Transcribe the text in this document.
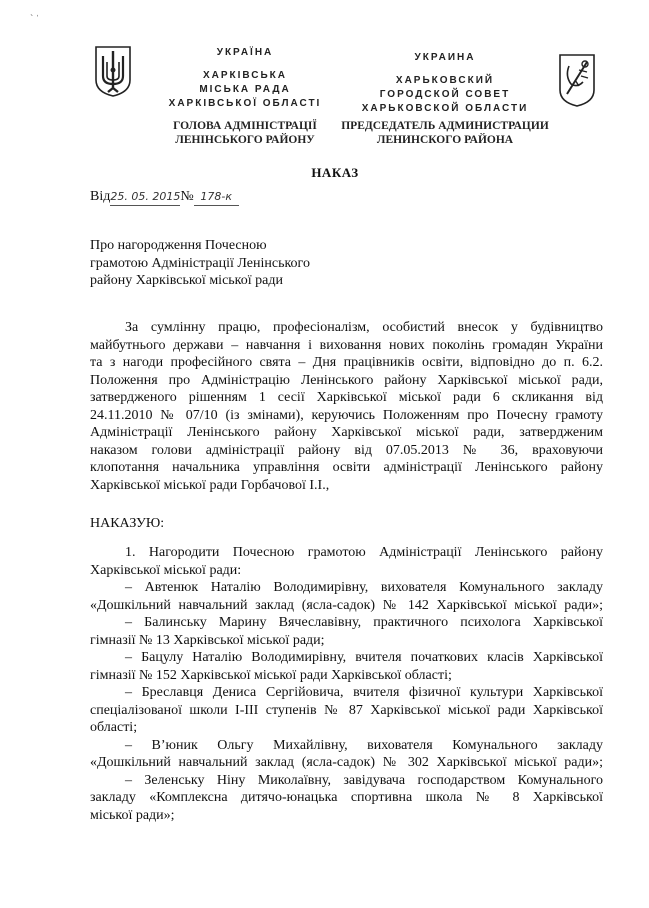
` ˈ
УКРАЇНА
ХАРКІВСЬКА
МІСЬКА РАДА
ХАРКІВСЬКОЇ ОБЛАСТІ
ГОЛОВА АДМІНІСТРАЦІЇ
ЛЕНІНСЬКОГО РАЙОНУ
УКРАИНА
ХАРЬКОВСКИЙ
ГОРОДСКОЙ СОВЕТ
ХАРЬКОВСКОЙ ОБЛАСТИ
ПРЕДСЕДАТЕЛЬ АДМИНИСТРАЦИИ
ЛЕНИНСКОГО РАЙОНА
НАКАЗ
Від25. 05. 2015№ 178-к
Про нагородження Почесною
грамотою Адміністрації Ленінського
району Харківської міської ради
За сумлінну працю, професіоналізм, особистий внесок у будівництво
майбутнього держави – навчання і виховання нових поколінь громадян України
та з нагоди професійного свята – Дня працівників освіти, відповідно до п. 6.2.
Положення про Адміністрацію Ленінського району Харківської міської ради,
затвердженого рішенням 1 сесії Харківської міської ради 6 скликання від
24.11.2010 № 07/10 (із змінами), керуючись Положенням про Почесну грамоту
Адміністрації Ленінського району Харківської міської ради, затвердженим
наказом голови адміністрації району від 07.05.2013 № 36, враховуючи
клопотання начальника управління освіти адміністрації Ленінського району
Харківської міської ради Горбачової І.І.,
НАКАЗУЮ:
1. Нагородити Почесною грамотою Адміністрації Ленінського району
Харківської міської ради:
– Автенюк Наталію Володимирівну, вихователя Комунального закладу
«Дошкільний навчальний заклад (ясла-садок) № 142 Харківської міської ради»;
– Балинську Марину Вячеславівну, практичного психолога Харківської
гімназії № 13 Харківської міської ради;
– Бацулу Наталію Володимирівну, вчителя початкових класів Харківської
гімназії № 152 Харківської міської ради Харківської області;
– Бреславця Дениса Сергійовича, вчителя фізичної культури Харківської
спеціалізованої школи І-ІІІ ступенів № 87 Харківської міської ради Харківської
області;
– В’юник Ольгу Михайлівну, вихователя Комунального закладу
«Дошкільний навчальний заклад (ясла-садок) № 302 Харківської міської ради»;
– Зеленську Ніну Миколаївну, завідувача господарством Комунального
закладу «Комплексна дитячо-юнацька спортивна школа № 8 Харківської
міської ради»;
